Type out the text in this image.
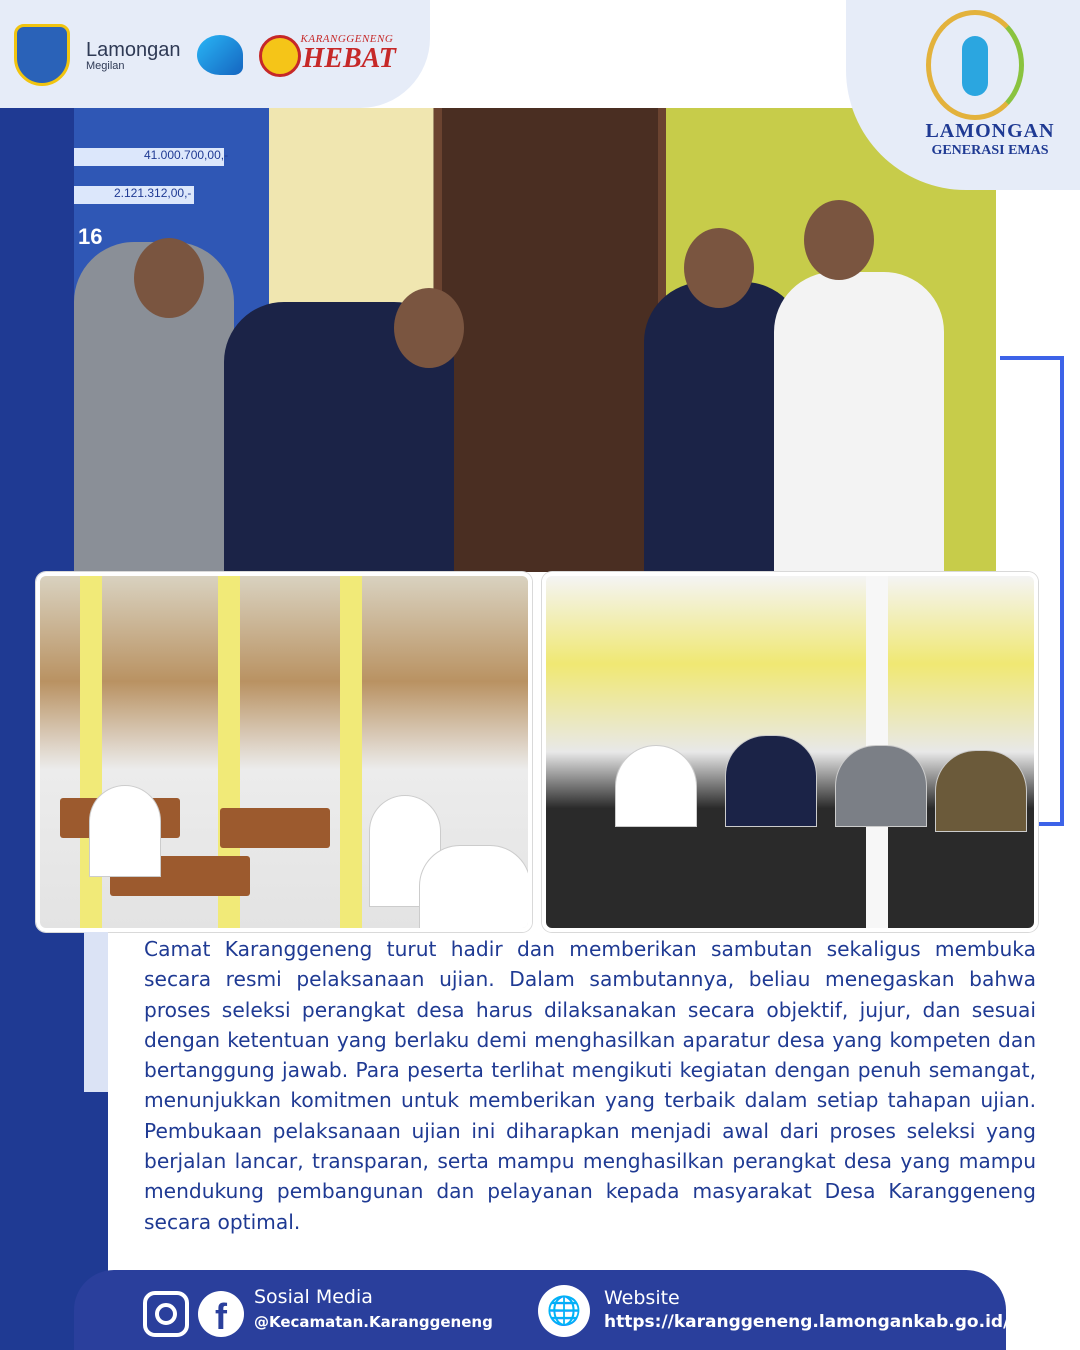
41.000.700,00,-
2.121.312,00,-
16
Lamongan
Megilan
KARANGGENENG
HEBAT
LAMONGAN
GENERASI EMAS

Camat Karanggeneng turut hadir dan memberikan sambutan sekaligus membuka secara resmi pelaksanaan ujian. Dalam sambutannya, beliau menegaskan bahwa proses seleksi perangkat desa harus dilaksanakan secara objektif, jujur, dan sesuai dengan ketentuan yang berlaku demi menghasilkan aparatur desa yang kompeten dan bertanggung jawab. Para peserta terlihat mengikuti kegiatan dengan penuh semangat, menunjukkan komitmen untuk memberikan yang terbaik dalam setiap tahapan ujian. Pembukaan pelaksanaan ujian ini diharapkan menjadi awal dari proses seleksi yang berjalan lancar, transparan, serta mampu menghasilkan perangkat desa yang mampu mendukung pembangunan dan pelayanan kepada masyarakat Desa Karanggeneng secara optimal.

f	Sosial Media
@Kecamatan.Karanggeneng
🌐
Website
https://karanggeneng.lamongankab.go.id/
